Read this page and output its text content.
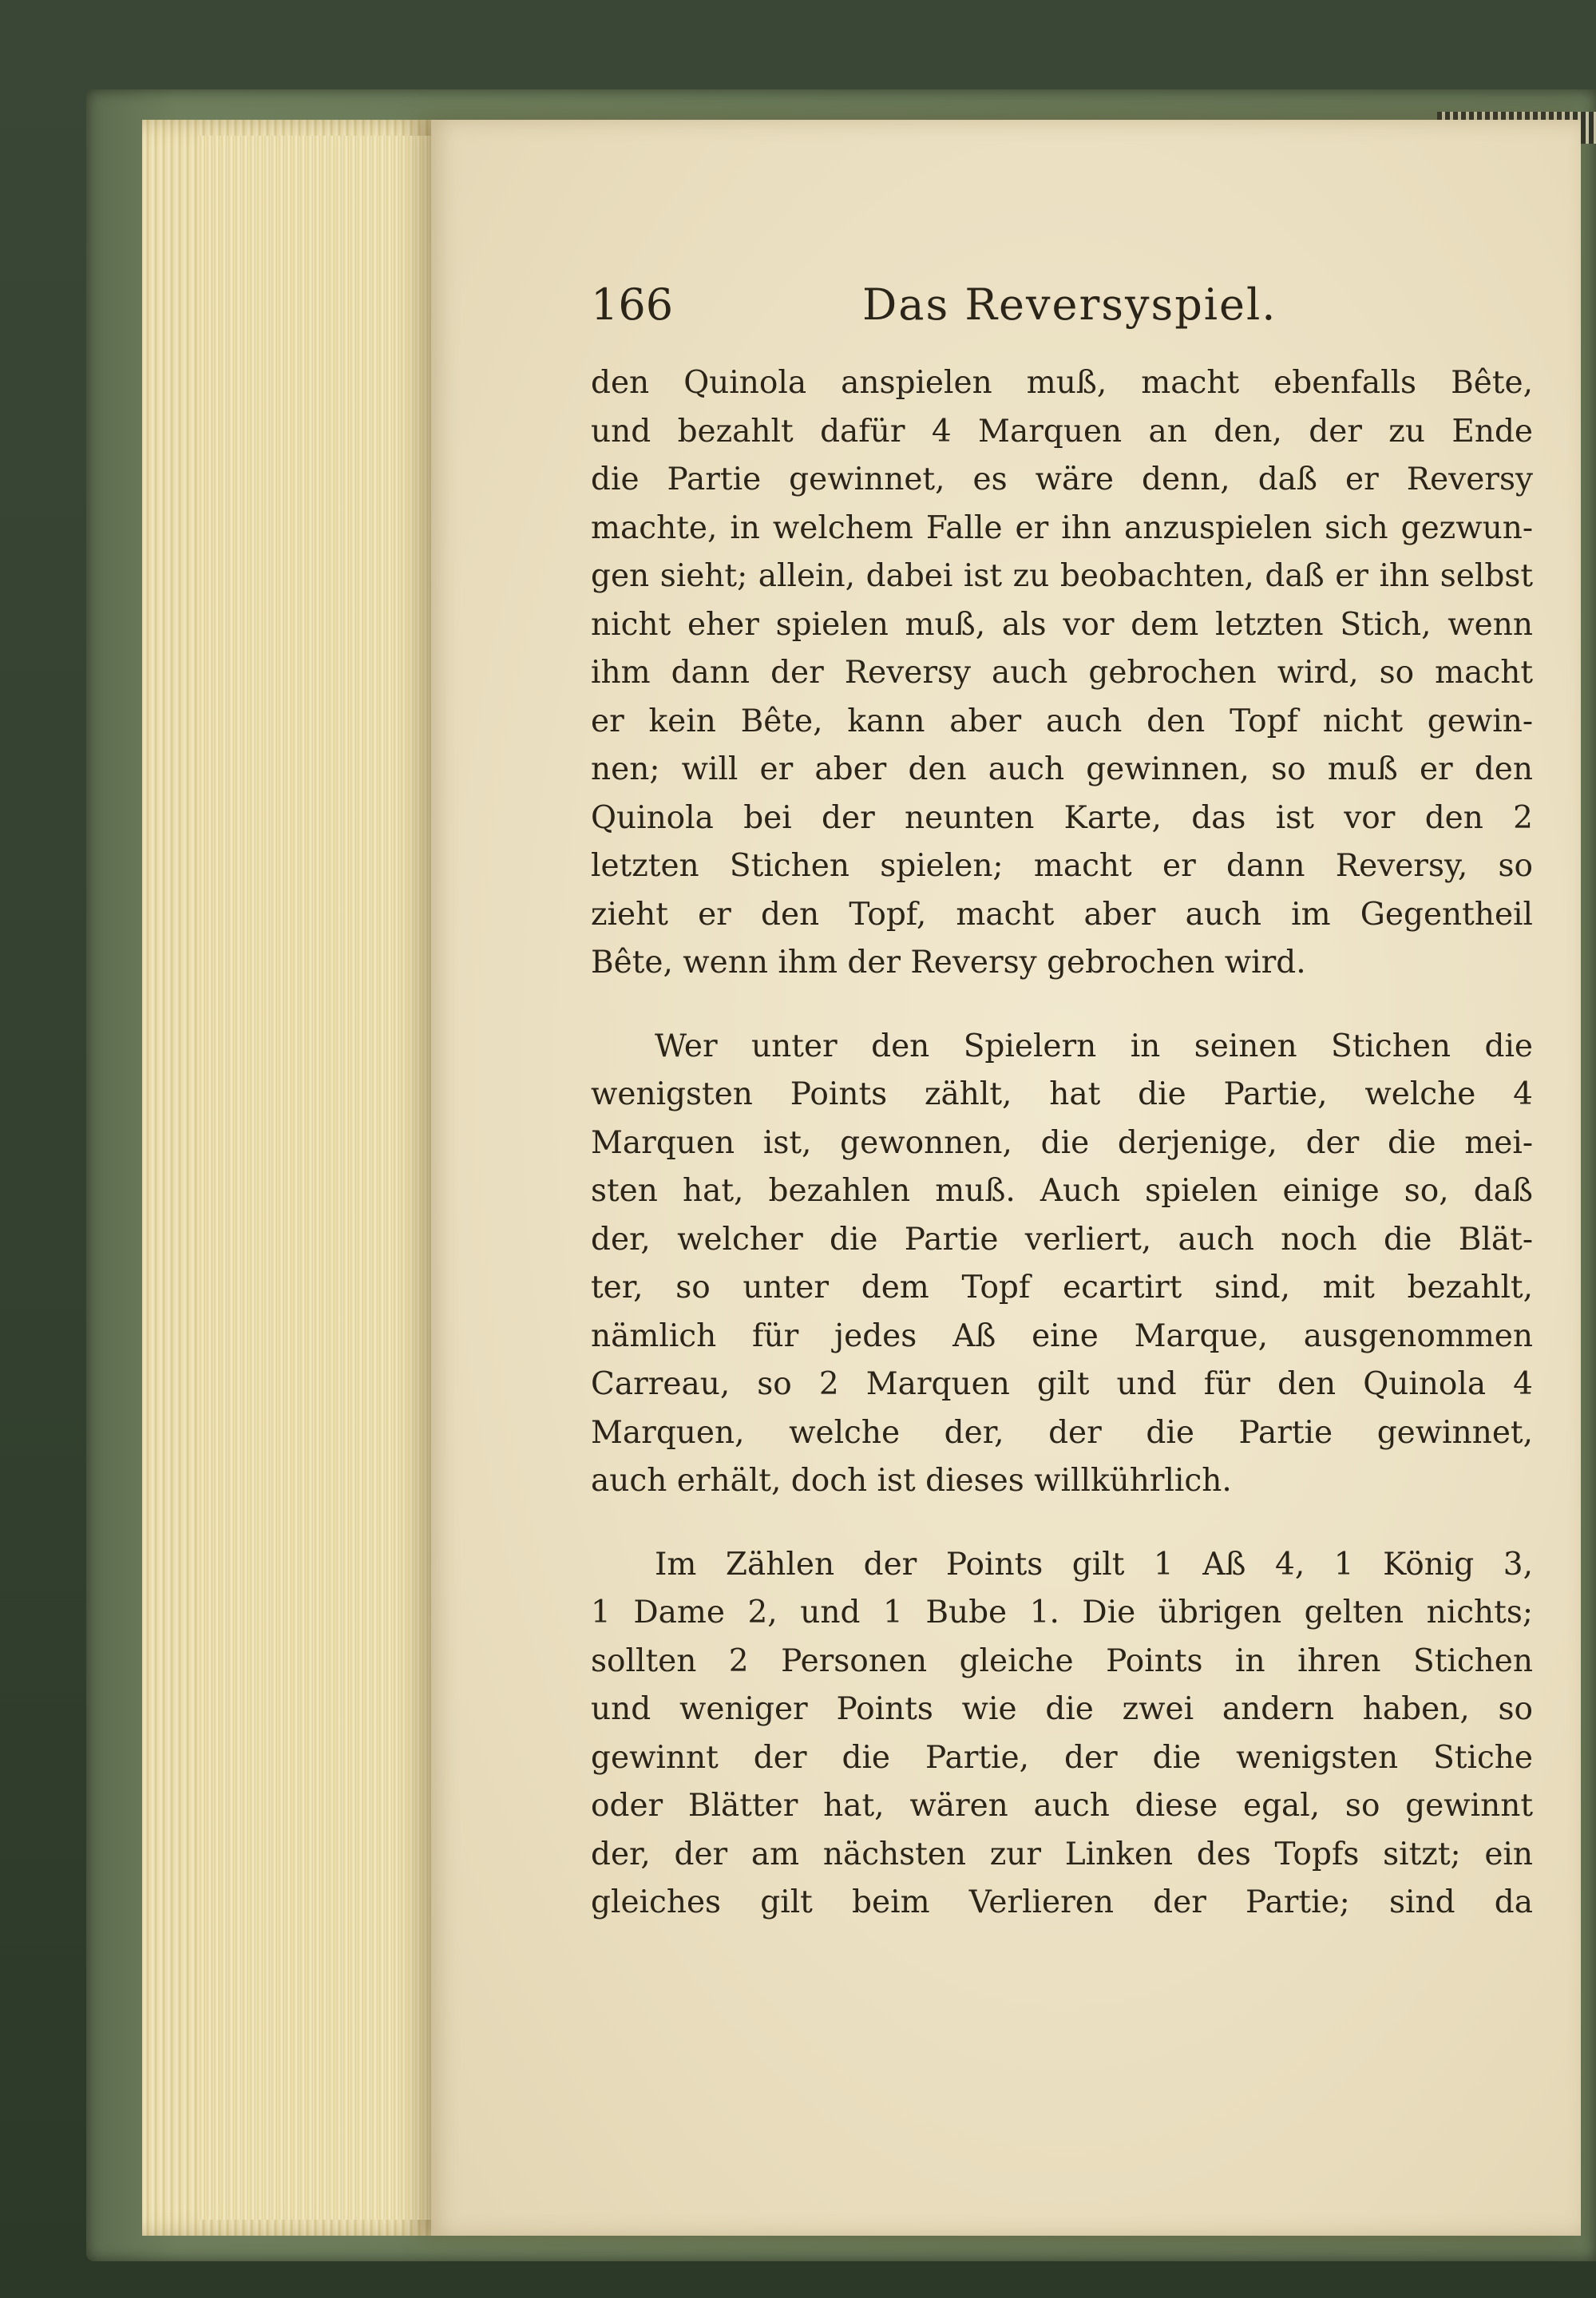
166	Das Reversyspiel.

den Quinola anspielen muß, macht ebenfalls Bête,
und bezahlt dafür 4 Marquen an den, der zu Ende
die Partie gewinnet, es wäre denn, daß er Reversy
machte, in welchem Falle er ihn anzuspielen sich gezwun-
gen sieht; allein, dabei ist zu beobachten, daß er ihn selbst
nicht eher spielen muß, als vor dem letzten Stich, wenn
ihm dann der Reversy auch gebrochen wird, so macht
er kein Bête, kann aber auch den Topf nicht gewin-
nen; will er aber den auch gewinnen, so muß er den
Quinola bei der neunten Karte, das ist vor den 2
letzten Stichen spielen; macht er dann Reversy, so
zieht er den Topf, macht aber auch im Gegentheil
Bête, wenn ihm der Reversy gebrochen wird.

Wer unter den Spielern in seinen Stichen die
wenigsten Points zählt, hat die Partie, welche 4
Marquen ist, gewonnen, die derjenige, der die mei-
sten hat, bezahlen muß. Auch spielen einige so, daß
der, welcher die Partie verliert, auch noch die Blät-
ter, so unter dem Topf ecartirt sind, mit bezahlt,
nämlich für jedes Aß eine Marque, ausgenommen
Carreau, so 2 Marquen gilt und für den Quinola 4
Marquen, welche der, der die Partie gewinnet,
auch erhält, doch ist dieses willkührlich.

Im Zählen der Points gilt 1 Aß 4, 1 König 3,
1 Dame 2, und 1 Bube 1. Die übrigen gelten nichts;
sollten 2 Personen gleiche Points in ihren Stichen
und weniger Points wie die zwei andern haben, so
gewinnt der die Partie, der die wenigsten Stiche
oder Blätter hat, wären auch diese egal, so gewinnt
der, der am nächsten zur Linken des Topfs sitzt; ein
gleiches gilt beim Verlieren der Partie; sind da
